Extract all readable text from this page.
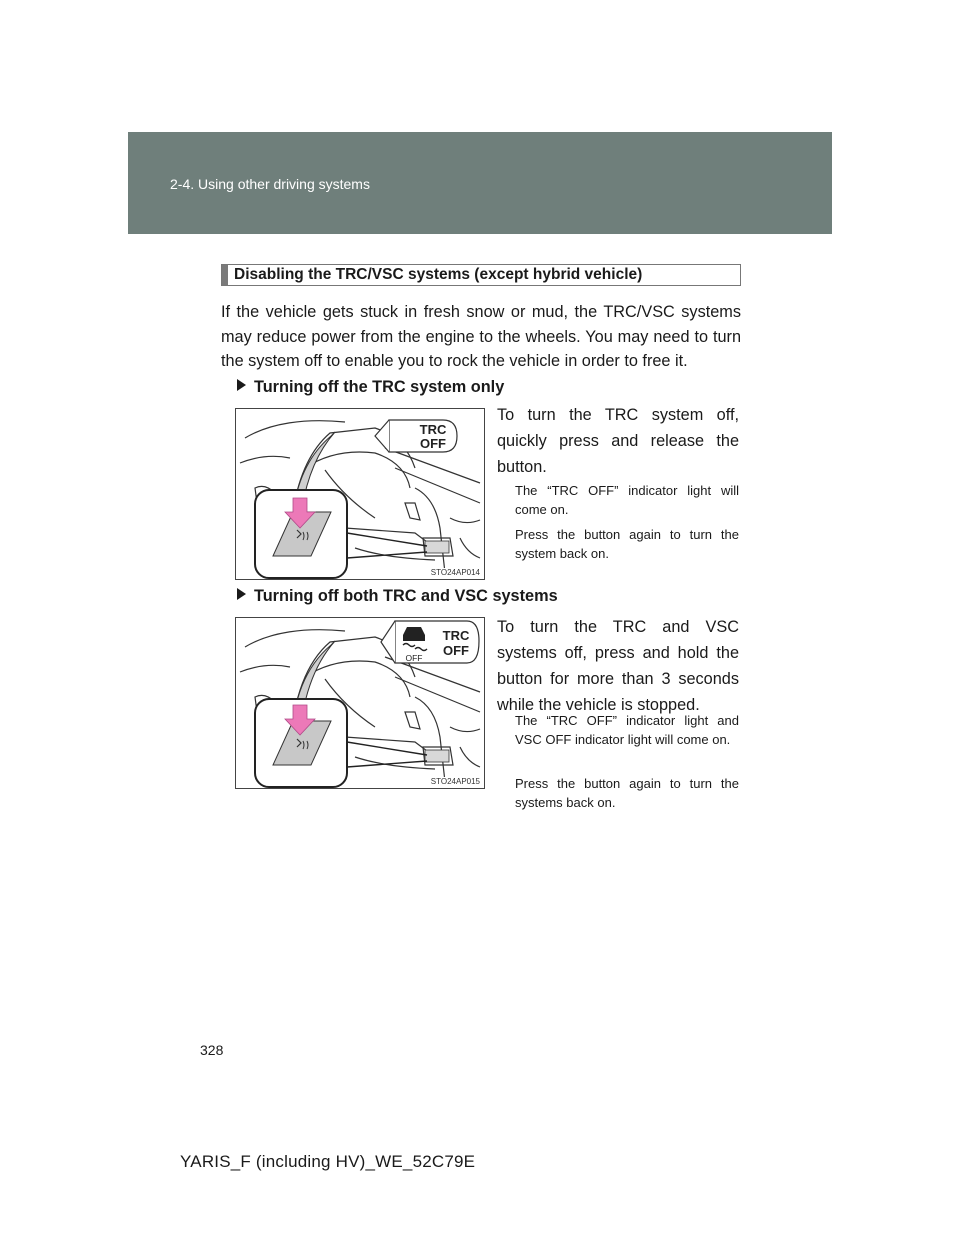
2-4. Using other driving systems
Disabling the TRC/VSC systems (except hybrid vehicle)
If the vehicle gets stuck in fresh snow or mud, the TRC/VSC systems may reduce power from the engine to the wheels. You may need to turn the system off to enable you to rock the vehicle in order to free it.
Turning off the TRC system only
TRC
OFF
STO24AP014
To turn the TRC system off, quickly press and release the button.
The “TRC OFF” indicator light will come on.
Press the button again to turn the system back on.
Turning off both TRC and VSC systems
OFF
TRC
OFF
STO24AP015
To turn the TRC and VSC systems off, press and hold the button for more than 3 seconds while the vehicle is stopped.
The “TRC OFF” indicator light and VSC OFF indicator light will come on.
Press the button again to turn the systems back on.
328
YARIS_F (including HV)_WE_52C79E
